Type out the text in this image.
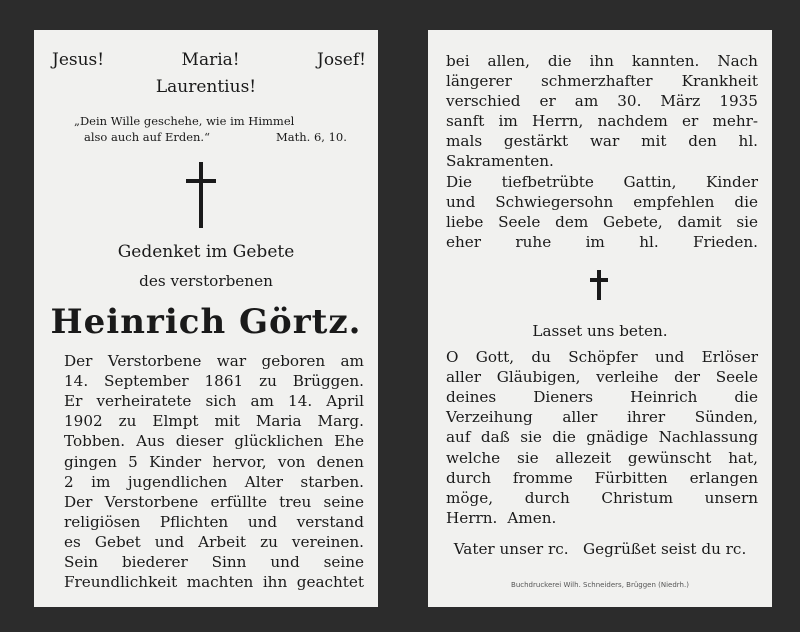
Jesus!	Maria!	Josef!
Laurentius!
„Dein Wille geschehe, wie im Himmel
also auch auf Erden.“	Math. 6, 10.
Gedenket im Gebete
des verstorbenen
Heinrich Görtz.
Der Verstorbene war geboren am
14. September 1861 zu Brüggen.
Er verheiratete sich am 14. April
1902 zu Elmpt mit Maria Marg.
Tobben. Aus dieser glücklichen Ehe
gingen 5 Kinder hervor, von denen
2 im jugendlichen Alter starben.
Der Verstorbene erfüllte treu seine
religiösen Pflichten und verstand
es Gebet und Arbeit zu vereinen.
Sein biederer Sinn und seine
Freundlichkeit machten ihn geachtet
bei allen, die ihn kannten. Nach
längerer schmerzhafter Krankheit
verschied er am 30. März 1935
sanft im Herrn, nachdem er mehr-
mals gestärkt war mit den hl.
Sakramenten.
Die tiefbetrübte Gattin, Kinder
und Schwiegersohn empfehlen die
liebe Seele dem Gebete, damit sie
eher ruhe im hl. Frieden.
Lasset uns beten.
O Gott, du Schöpfer und Erlöser
aller Gläubigen, verleihe der Seele
deines Dieners Heinrich die
Verzeihung aller ihrer Sünden,
auf daß sie die gnädige Nachlassung
welche sie allezeit gewünscht hat,
durch fromme Fürbitten erlangen
möge, durch Christum unsern
Herrn. Amen.
Vater unser rc.   Gegrüßet seist du rc.
Buchdruckerei Wilh. Schneiders, Brüggen (Niedrh.)
